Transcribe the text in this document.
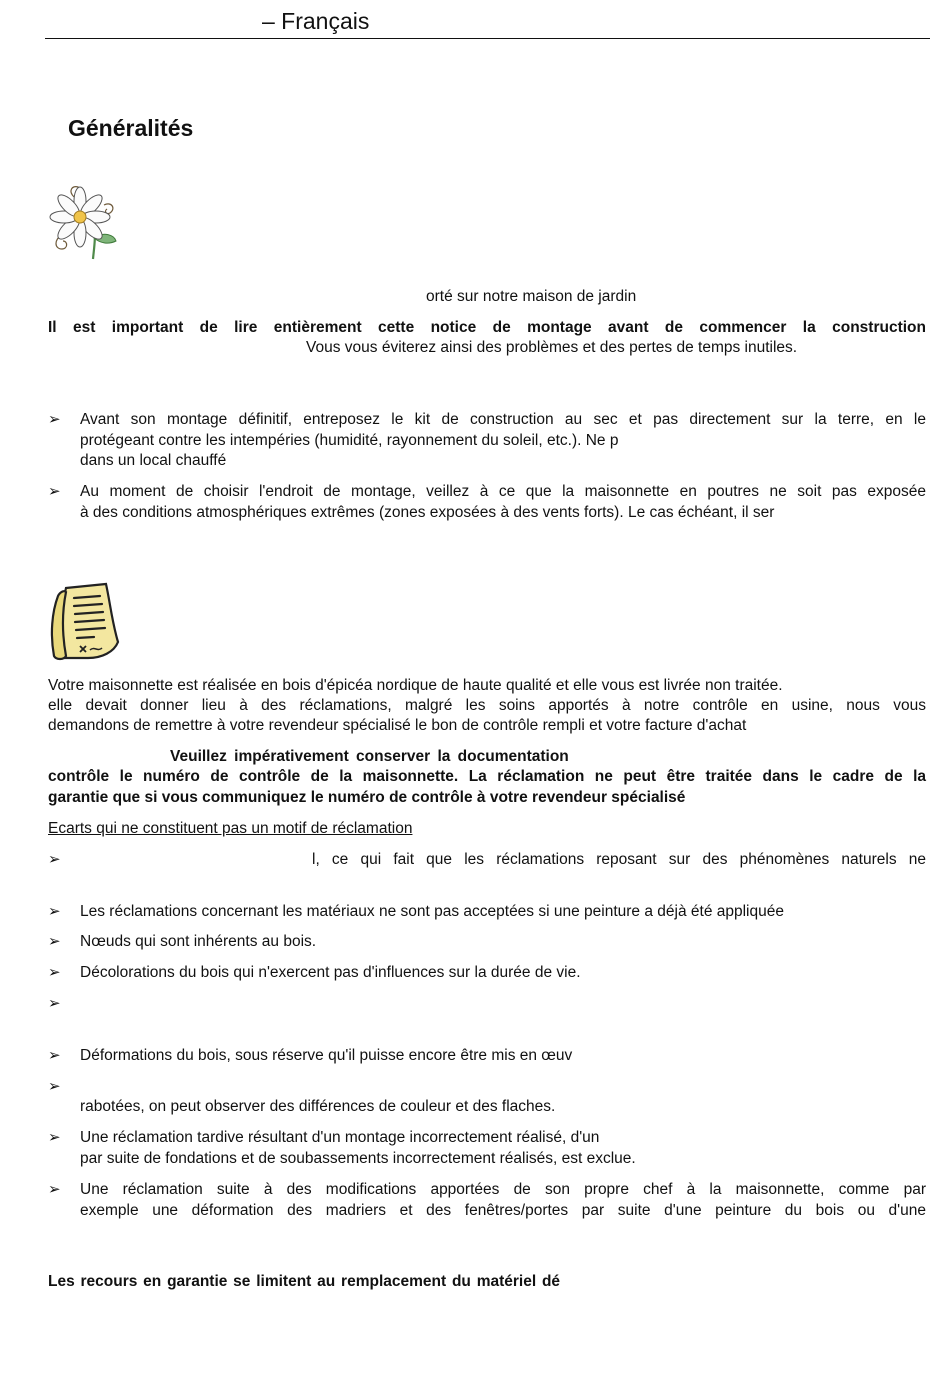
– Français
Généralités
orté sur notre maison de jardin
Il est important de lire entièrement cette notice de montage avant de commencer la construction
Vous vous éviterez ainsi des problèmes et des pertes de temps inutiles.
➢ Avant son montage définitif, entreposez le kit de construction au sec et pas directement sur la terre, en le
protégeant contre les intempéries (humidité, rayonnement du soleil, etc.). Ne p
dans un local chauffé
➢ Au moment de choisir l'endroit de montage, veillez à ce que la maisonnette en poutres ne soit pas exposée
à des conditions atmosphériques extrêmes (zones exposées à des vents forts). Le cas échéant, il ser
Votre maisonnette est réalisée en bois d'épicéa nordique de haute qualité et elle vous est livrée non traitée.
elle devait donner lieu à des réclamations, malgré les soins apportés à notre contrôle en usine, nous vous
demandons de remettre à votre revendeur spécialisé le bon de contrôle rempli et votre facture d'achat
Veuillez impérativement conserver la documentation
contrôle le numéro de contrôle de la maisonnette. La réclamation ne peut être traitée dans le cadre de la
garantie que si vous communiquez le numéro de contrôle à votre revendeur spécialisé
Ecarts qui ne constituent pas un motif de réclamation
➢	l, ce qui fait que les réclamations reposant sur des phénomènes naturels ne
➢ Les réclamations concernant les matériaux ne sont pas acceptées si une peinture a déjà été appliquée
➢ Nœuds qui sont inhérents au bois.
➢ Décolorations du bois qui n'exercent pas d'influences sur la durée de vie.
➢
➢ Déformations du bois, sous réserve qu'il puisse encore être mis en œuv
➢
rabotées, on peut observer des différences de couleur et des flaches.
➢ Une réclamation tardive résultant d'un montage incorrectement réalisé, d'un
par suite de fondations et de soubassements incorrectement réalisés, est exclue.
➢ Une réclamation suite à des modifications apportées de son propre chef à la maisonnette, comme par
exemple une déformation des madriers et des fenêtres/portes par suite d'une peinture du bois ou d'une
Les recours en garantie se limitent au remplacement du matériel dé
